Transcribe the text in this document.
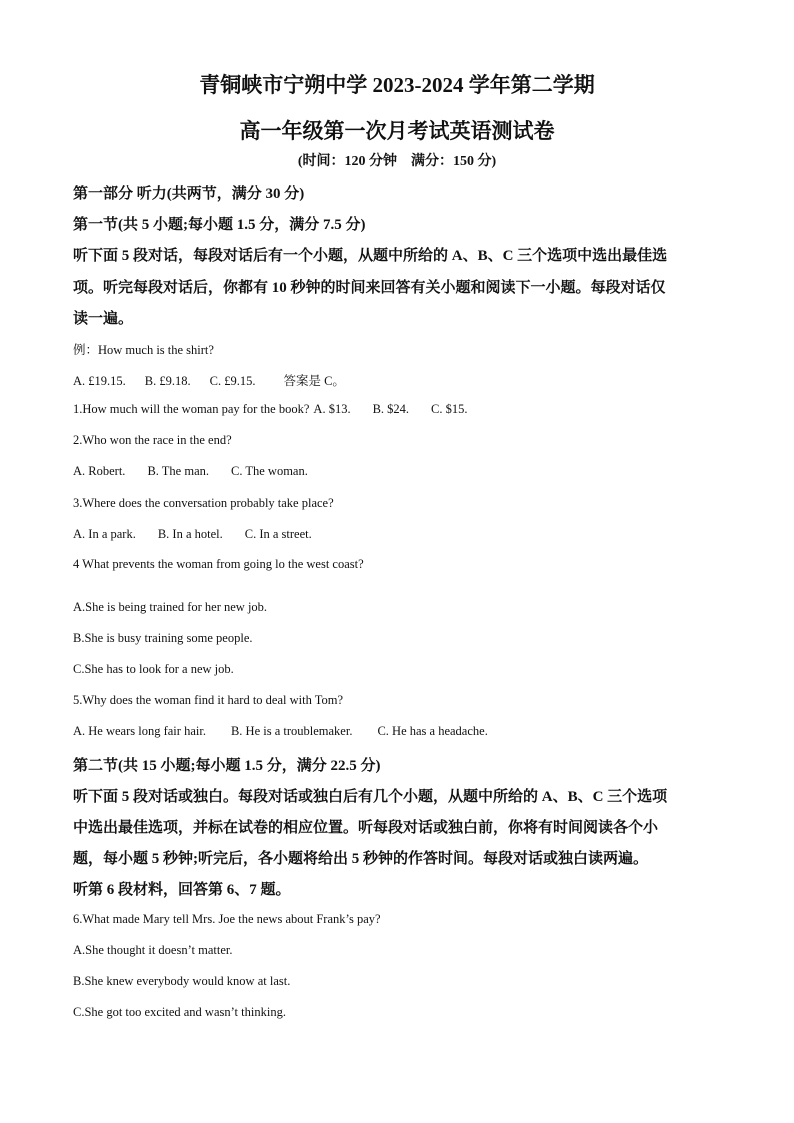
青铜峡市宁朔中学 2023-2024 学年第二学期
高一年级第一次月考试英语测试卷
(时间：120 分钟　满分：150 分)
第一部分 听力(共两节，满分 30 分)
第一节(共 5 小题;每小题 1.5 分，满分 7.5 分)
听下面 5 段对话，每段对话后有一个小题，从题中所给的 A、B、C 三个选项中选出最佳选
项。听完每段对话后，你都有 10 秒钟的时间来回答有关小题和阅读下一小题。每段对话仅
读一遍。
例：How much is the shirt?
A. £19.15. B. £9.18. C. £9.15. 答案是 C。
1.How much will the woman pay for the book? A. $13. B. $24. C. $15.
2.Who won the race in the end?
A. Robert. B. The man. C. The woman.
3.Where does the conversation probably take place?
A. In a park. B. In a hotel. C. In a street.
4 What prevents the woman from going lo the west coast?
A.She is being trained for her new job.
B.She is busy training some people.
C.She has to look for a new job.
5.Why does the woman find it hard to deal with Tom?
A. He wears long fair hair. B. He is a troublemaker. C. He has a headache.
第二节(共 15 小题;每小题 1.5 分，满分 22.5 分)
听下面 5 段对话或独白。每段对话或独白后有几个小题，从题中所给的 A、B、C 三个选项
中选出最佳选项，并标在试卷的相应位置。听每段对话或独白前，你将有时间阅读各个小
题，每小题 5 秒钟;听完后，各小题将给出 5 秒钟的作答时间。每段对话或独白读两遍。
听第 6 段材料，回答第 6、7 题。
6.What made Mary tell Mrs. Joe the news about Frank’s pay?
A.She thought it doesn’t matter.
B.She knew everybody would know at last.
C.She got too excited and wasn’t thinking.
